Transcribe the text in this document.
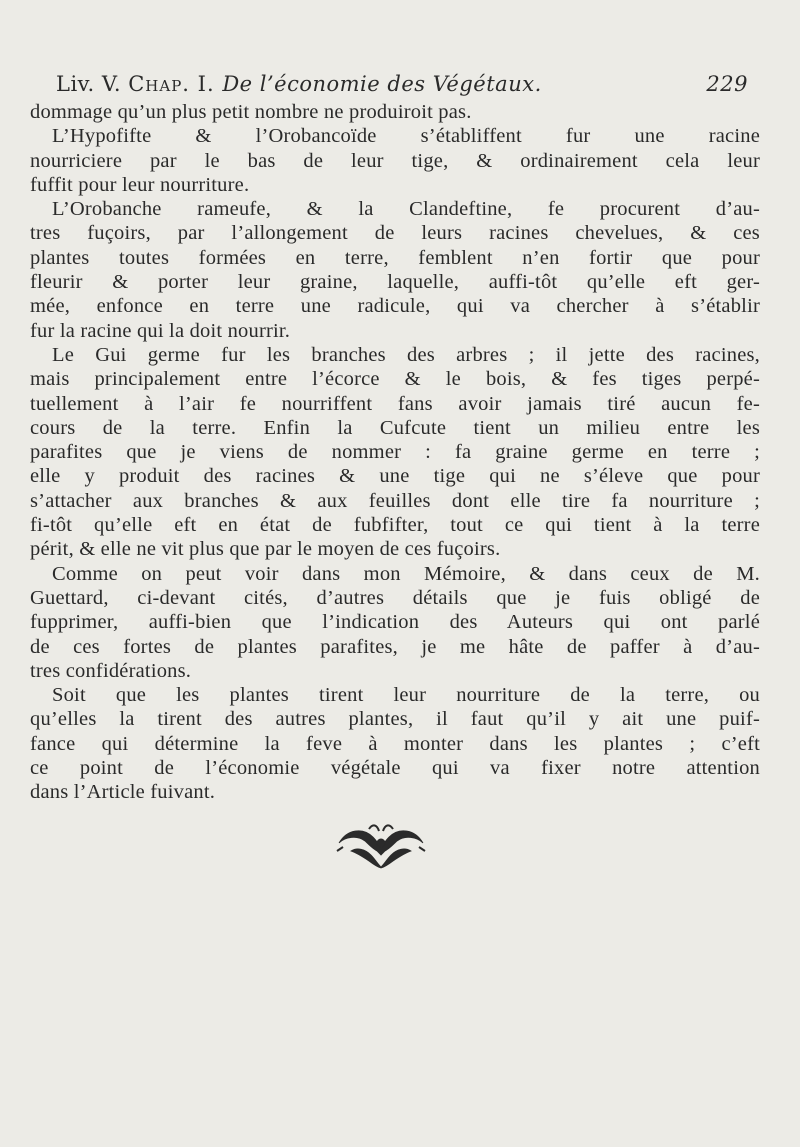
Liv. V. Chap. I. De l’économie des Végétaux.	229
dommage qu’un plus petit nombre ne produiroit pas.
L’Hypofifte & l’Orobancoïde s’établiffent fur une racine
nourriciere par le bas de leur tige, & ordinairement cela leur
fuffit pour leur nourriture.
L’Orobanche rameufe, & la Clandeftine, fe procurent d’au-
tres fuçoirs, par l’allongement de leurs racines chevelues, & ces
plantes toutes formées en terre, femblent n’en fortir que pour
fleurir & porter leur graine, laquelle, auffi-tôt qu’elle eft ger-
mée, enfonce en terre une radicule, qui va chercher à s’établir
fur la racine qui la doit nourrir.
Le Gui germe fur les branches des arbres ; il jette des racines,
mais principalement entre l’écorce & le bois, & fes tiges perpé-
tuellement à l’air fe nourriffent fans avoir jamais tiré aucun fe-
cours de la terre. Enfin la Cufcute tient un milieu entre les
parafites que je viens de nommer : fa graine germe en terre ;
elle y produit des racines & une tige qui ne s’éleve que pour
s’attacher aux branches & aux feuilles dont elle tire fa nourriture ;
fi-tôt qu’elle eft en état de fubfifter, tout ce qui tient à la terre
périt, & elle ne vit plus que par le moyen de ces fuçoirs.
Comme on peut voir dans mon Mémoire, & dans ceux de M.
Guettard, ci-devant cités, d’autres détails que je fuis obligé de
fupprimer, auffi-bien que l’indication des Auteurs qui ont parlé
de ces fortes de plantes parafites, je me hâte de paffer à d’au-
tres confidérations.
Soit que les plantes tirent leur nourriture de la terre, ou
qu’elles la tirent des autres plantes, il faut qu’il y ait une puif-
fance qui détermine la feve à monter dans les plantes ; c’eft
ce point de l’économie végétale qui va fixer notre attention
dans l’Article fuivant.
